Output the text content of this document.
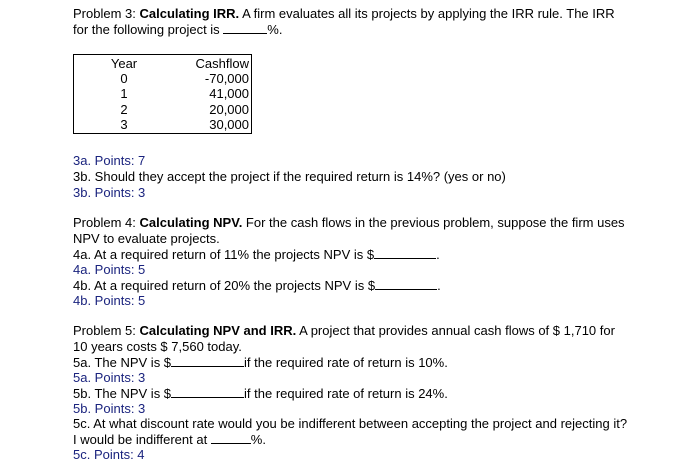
Problem 3: Calculating IRR. A firm evaluates all its projects by applying the IRR rule. The IRR
for the following project is	%.
Year	Cashflow
0	-70,000
1	41,000
2	20,000
3	30,000
3a. Points: 7
3b. Should they accept the project if the required return is 14%? (yes or no)
3b. Points: 3
Problem 4: Calculating NPV. For the cash flows in the previous problem, suppose the firm uses
NPV to evaluate projects.
4a. At a required return of 11% the projects NPV is $	.
4a. Points: 5
4b. At a required return of 20% the projects NPV is $	.
4b. Points: 5
Problem 5: Calculating NPV and IRR. A project that provides annual cash flows of $ 1,710 for
10 years costs $ 7,560 today.
5a. The NPV is $	if the required rate of return is 10%.
5a. Points: 3
5b. The NPV is $	if the required rate of return is 24%.
5b. Points: 3
5c. At what discount rate would you be indifferent between accepting the project and rejecting it?
I would be indifferent at	%.
5c. Points: 4
